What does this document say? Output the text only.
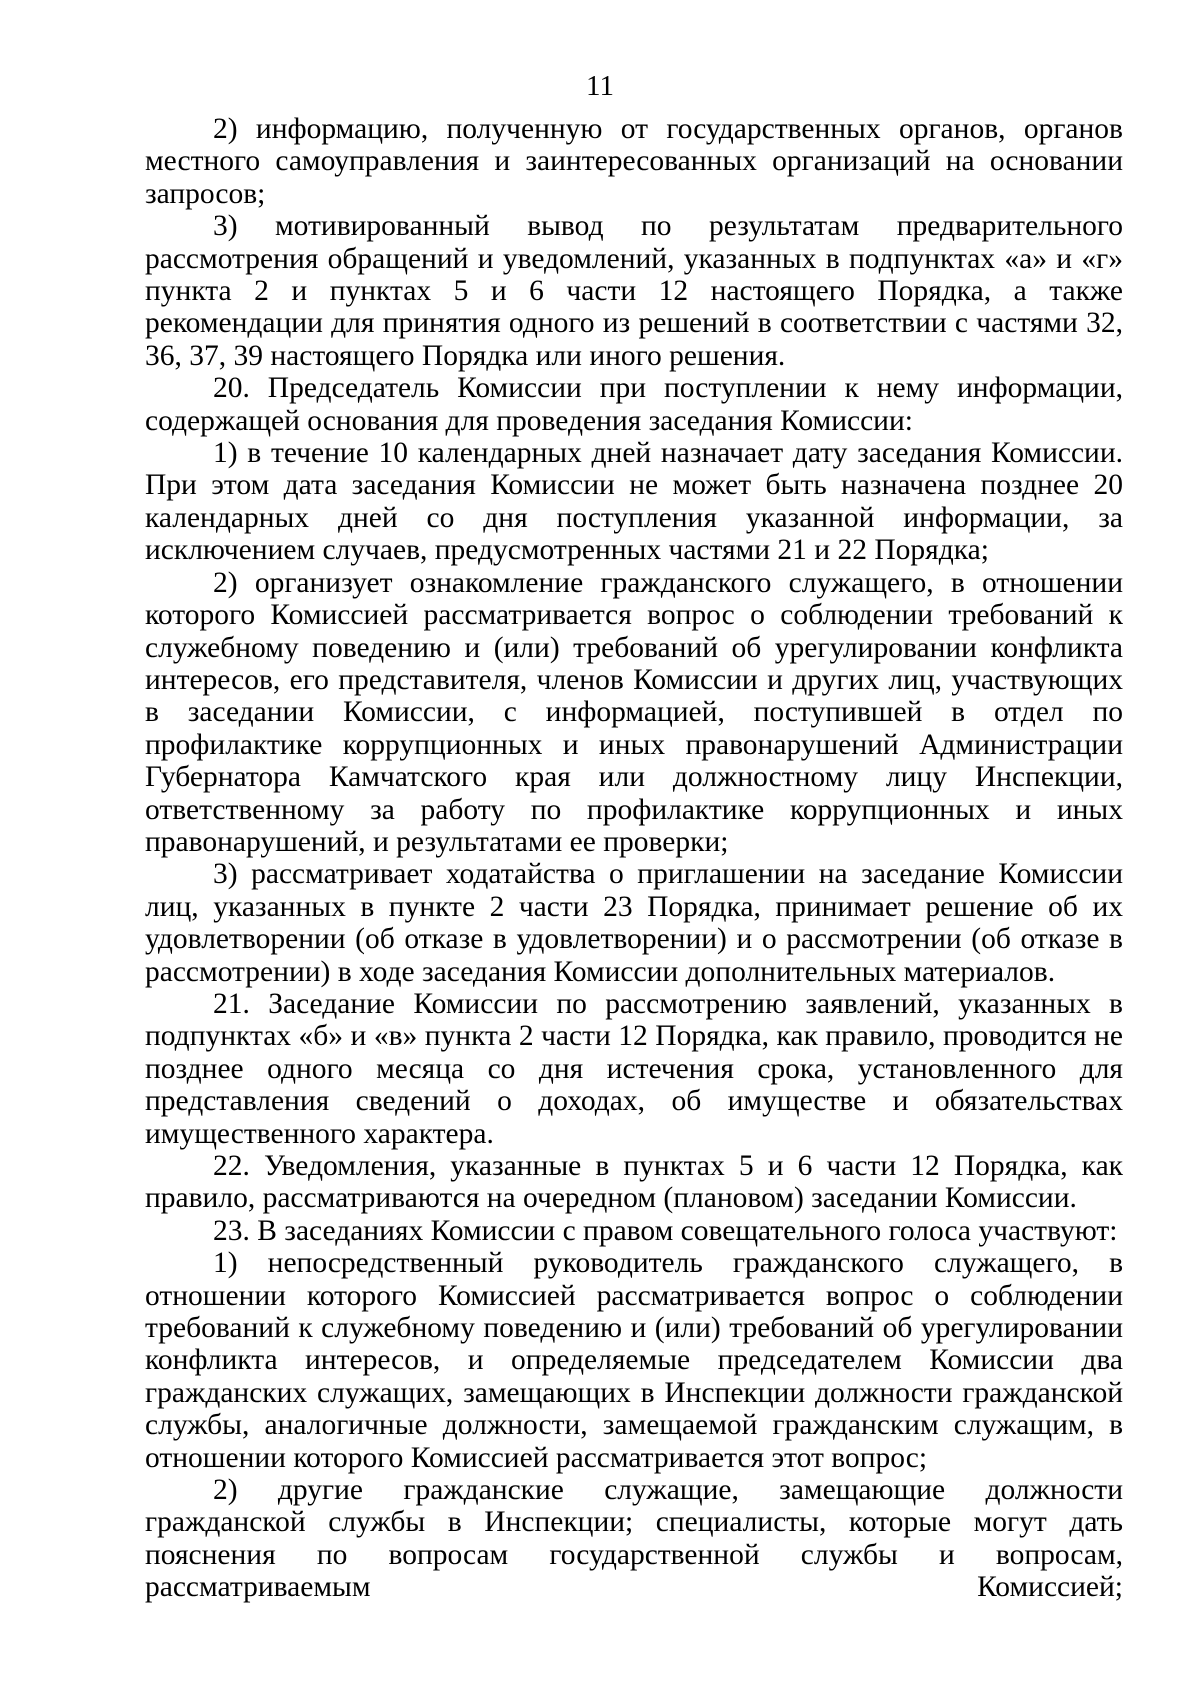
11

2) информацию, полученную от государственных органов, органов местного самоуправления и заинтересованных организаций на основании запросов;

3) мотивированный вывод по результатам предварительного рассмотрения обращений и уведомлений, указанных в подпунктах «а» и «г» пункта 2 и пунктах 5 и 6 части 12 настоящего Порядка, а также рекомендации для принятия одного из решений в соответствии с частями 32, 36, 37, 39 настоящего Порядка или иного решения.

20. Председатель Комиссии при поступлении к нему информации, содержащей основания для проведения заседания Комиссии:

1) в течение 10 календарных дней назначает дату заседания Комиссии. При этом дата заседания Комиссии не может быть назначена позднее 20 календарных дней со дня поступления указанной информации, за исключением случаев, предусмотренных частями 21 и 22 Порядка;

2) организует ознакомление гражданского служащего, в отношении которого Комиссией рассматривается вопрос о соблюдении требований к служебному поведению и (или) требований об урегулировании конфликта интересов, его представителя, членов Комиссии и других лиц, участвующих в заседании Комиссии, с информацией, поступившей в отдел по профилактике коррупционных и иных правонарушений Администрации Губернатора Камчатского края или должностному лицу Инспекции, ответственному за работу по профилактике коррупционных и иных правонарушений, и результатами ее проверки;

3) рассматривает ходатайства о приглашении на заседание Комиссии лиц, указанных в пункте 2 части 23 Порядка, принимает решение об их удовлетворении (об отказе в удовлетворении) и о рассмотрении (об отказе в рассмотрении) в ходе заседания Комиссии дополнительных материалов.

21. Заседание Комиссии по рассмотрению заявлений, указанных в подпунктах «б» и «в» пункта 2 части 12 Порядка, как правило, проводится не позднее одного месяца со дня истечения срока, установленного для представления сведений о доходах, об имуществе и обязательствах имущественного характера.

22. Уведомления, указанные в пунктах 5 и 6 части 12 Порядка, как правило, рассматриваются на очередном (плановом) заседании Комиссии.

23. В заседаниях Комиссии с правом совещательного голоса участвуют:

1) непосредственный руководитель гражданского служащего, в отношении которого Комиссией рассматривается вопрос о соблюдении требований к служебному поведению и (или) требований об урегулировании конфликта интересов, и определяемые председателем Комиссии два гражданских служащих, замещающих в Инспекции должности гражданской службы, аналогичные должности, замещаемой гражданским служащим, в отношении которого Комиссией рассматривается этот вопрос;

2) другие гражданские служащие, замещающие должности гражданской службы в Инспекции; специалисты, которые могут дать пояснения по вопросам государственной службы и вопросам, рассматриваемым Комиссией;
